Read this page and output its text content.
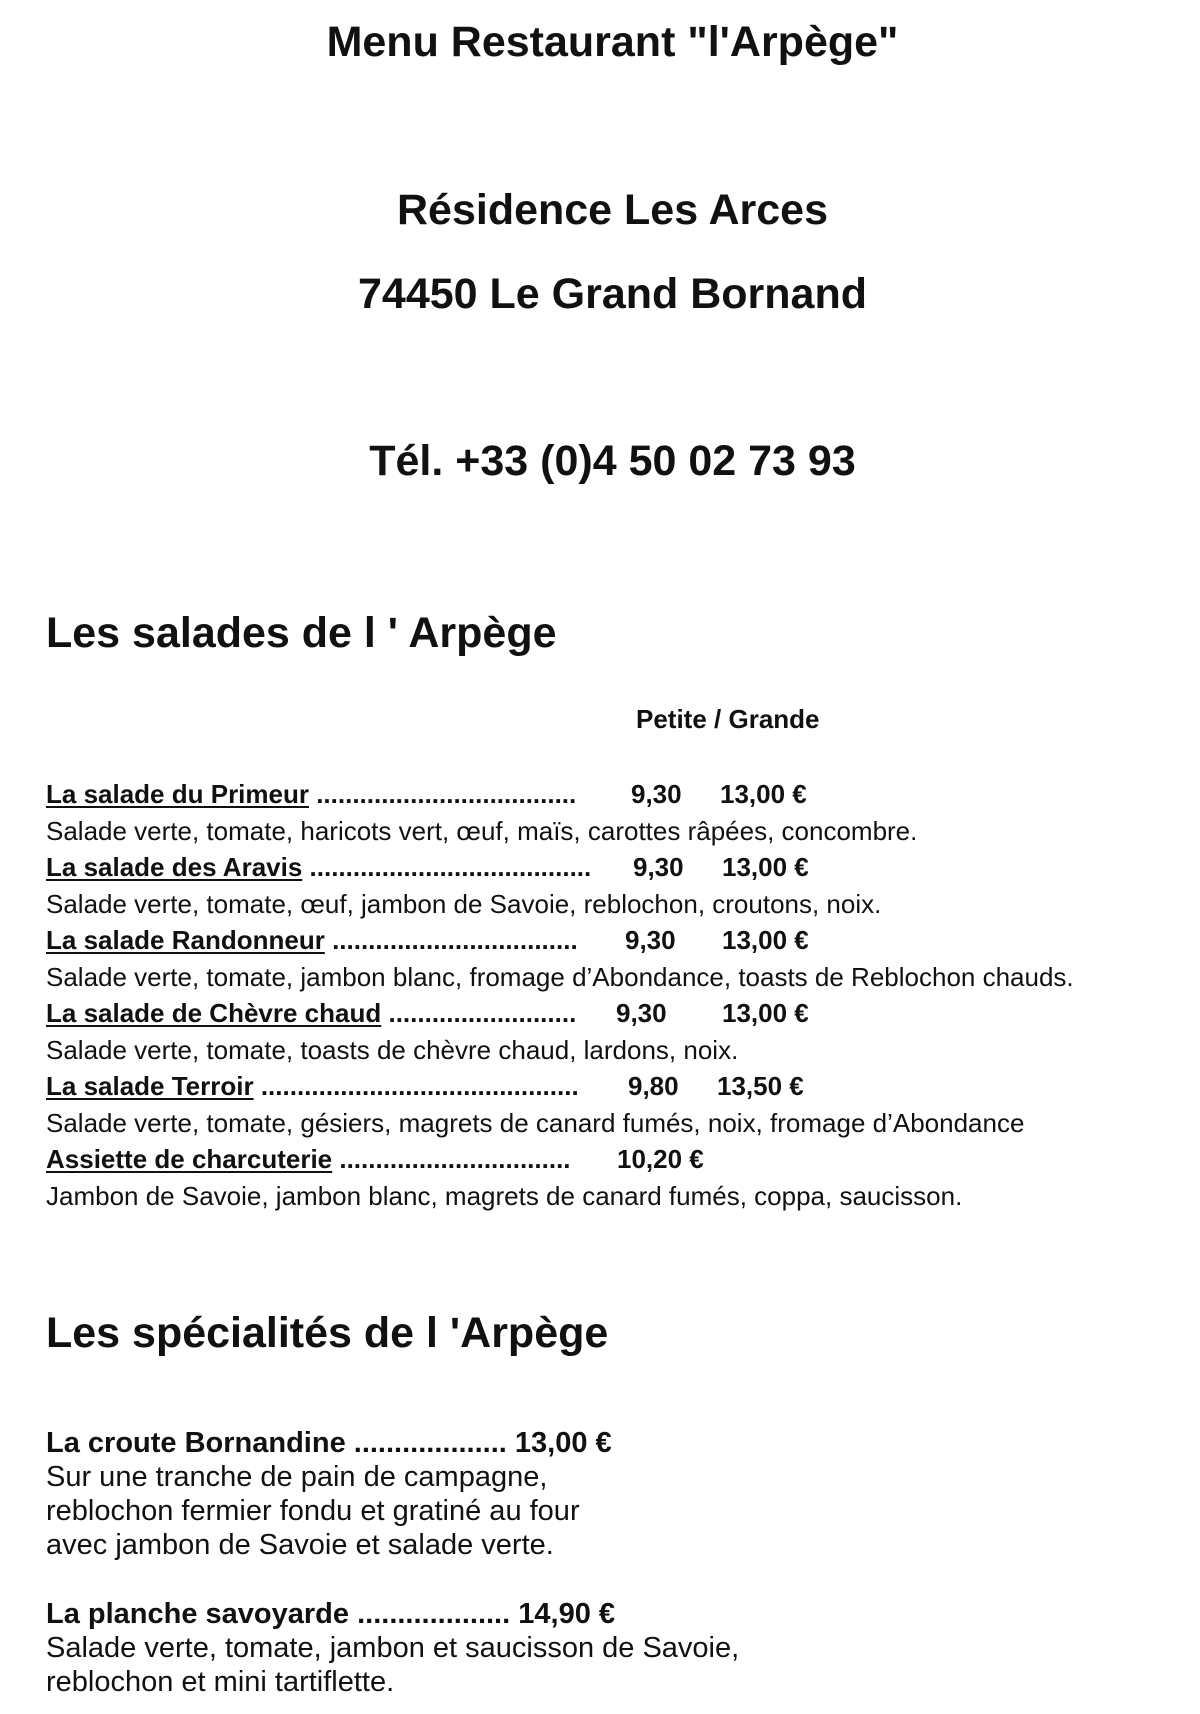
Menu Restaurant "l'Arpège"
Résidence Les Arces
74450 Le Grand Bornand
Tél. +33 (0)4 50 02 73 93
Les salades de l ' Arpège
Petite / Grande
La salade du Primeur .................................... 9,30 13,00 €
Salade verte, tomate, haricots vert, œuf, maïs, carottes râpées, concombre.
La salade des Aravis ....................................... 9,30 13,00 €
Salade verte, tomate, œuf, jambon de Savoie, reblochon, croutons, noix.
La salade Randonneur .................................. 9,30 13,00 €
Salade verte, tomate, jambon blanc, fromage d’Abondance, toasts de Reblochon chauds.
La salade de Chèvre chaud .......................... 9,30 13,00 €
Salade verte, tomate, toasts de chèvre chaud, lardons, noix.
La salade Terroir ............................................ 9,80 13,50 €
Salade verte, tomate, gésiers, magrets de canard fumés, noix, fromage d’Abondance
Assiette de charcuterie ................................ 10,20 €
Jambon de Savoie, jambon blanc, magrets de canard fumés, coppa, saucisson.
Les spécialités de l 'Arpège
La croute Bornandine ................... 13,00 €
Sur une tranche de pain de campagne,
reblochon fermier fondu et gratiné au four
avec jambon de Savoie et salade verte.
La planche savoyarde ................... 14,90 €
Salade verte, tomate, jambon et saucisson de Savoie,
reblochon et mini tartiflette.
